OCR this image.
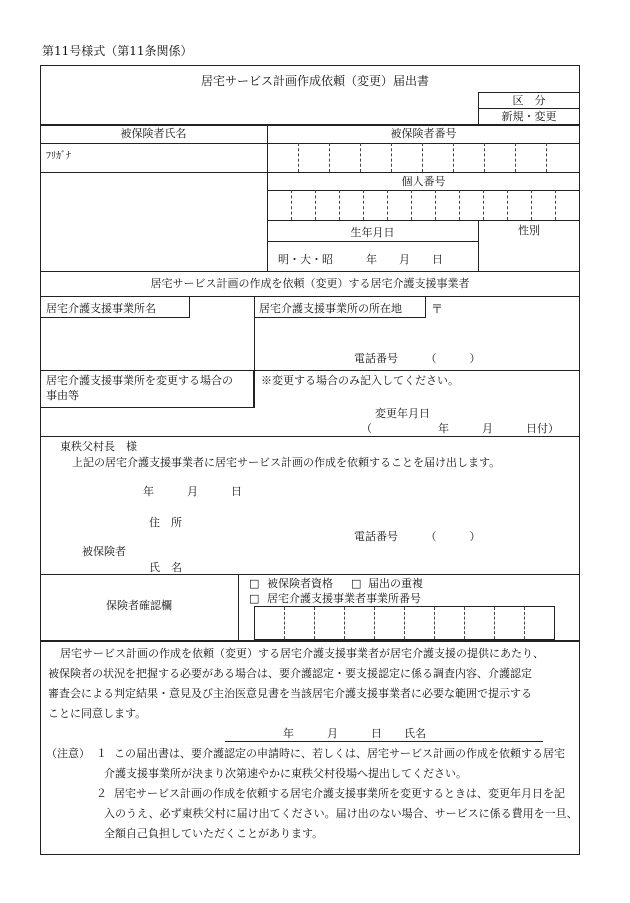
第11号様式（第11条関係）
居宅サービス計画作成依頼（変更）届出書
区　分
新規・変更
被保険者氏名	被保険者番号
ﾌﾘｶﾞﾅ
個人番号
生年月日	性別
明・大・昭　　　年　　月　　日
居宅サービス計画の作成を依頼（変更）する居宅介護支援事業者
居宅介護支援事業所名	居宅介護支援事業所の所在地 〒
電話番号　　　（　　　）
居宅介護支援事業所を変更する場合の
事由等
※変更する場合のみ記入してください。
変更年月日
（　　　　　　年　　　月　　　日付）
東秩父村長　様
上記の居宅介護支援事業者に居宅サービス計画の作成を依頼することを届け出します。
年　　　月　　　日
住　所
電話番号　　　（　　　）
被保険者
氏　名
保険者確認欄
□ 被保険者資格 □ 届出の重複
□ 居宅介護支援事業者事業所番号
居宅サービス計画の作成を依頼（変更）する居宅介護支援事業者が居宅介護支援の提供にあたり、
被保険者の状況を把握する必要がある場合は、要介護認定・要支援認定に係る調査内容、介護認定
審査会による判定結果・意見及び主治医意見書を当該居宅介護支援事業者に必要な範囲で提示する
ことに同意します。
年　　　月　　　日　　氏名
（注意） １ この届出書は、要介護認定の申請時に、若しくは、居宅サービス計画の作成を依頼する居宅
介護支援事業所が決まり次第速やかに東秩父村役場へ提出してください。
２ 居宅サービス計画の作成を依頼する居宅介護支援事業所を変更するときは、変更年月日を記
入のうえ、必ず東秩父村に届け出てください。届け出のない場合、サービスに係る費用を一旦、
全額自己負担していただくことがあります。
